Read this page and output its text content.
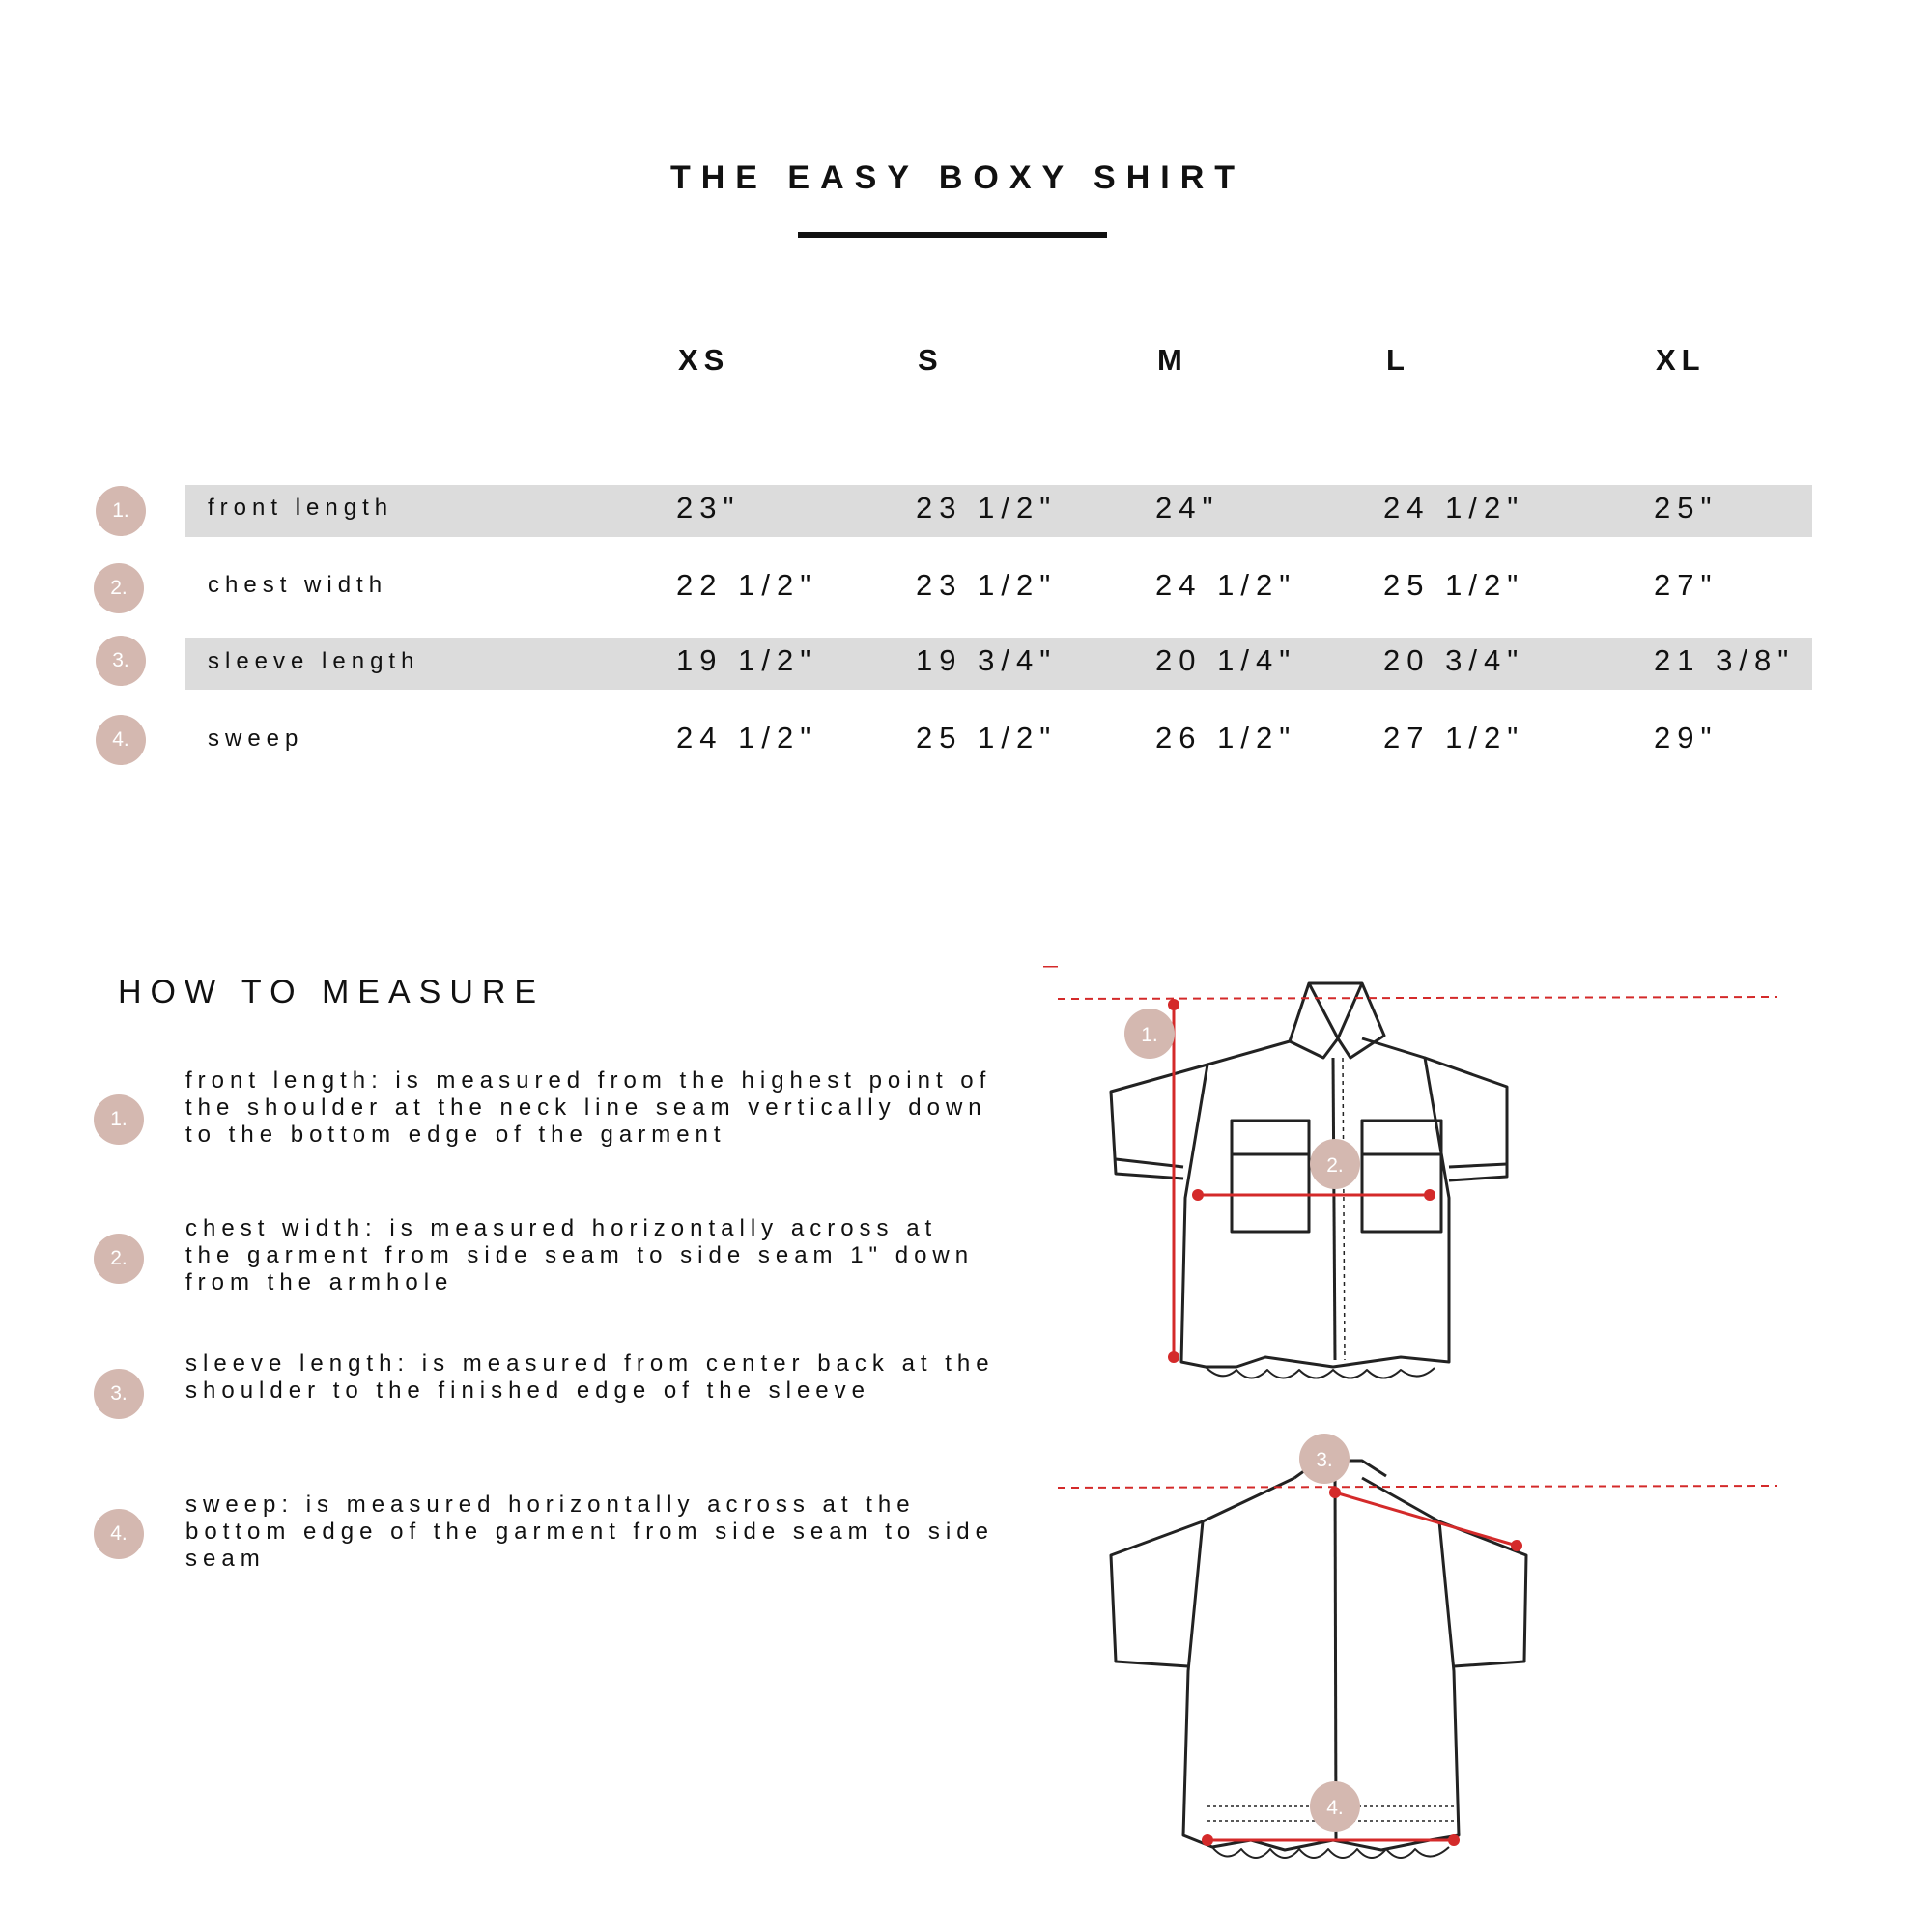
THE EASY BOXY SHIRT
XS	S	M	L	XL
1.	front length	23"	23 1/2"	24"	24 1/2"	25"
2.	chest width	22 1/2"	23 1/2"	24 1/2"	25 1/2"	27"
3.	sleeve length	19 1/2"	19 3/4"	20 1/4"	20 3/4"	21 3/8"
4.	sweep	24 1/2"	25 1/2"	26 1/2"	27 1/2"	29"
HOW TO MEASURE
1.
front length: is measured from the highest point of the shoulder at the neck line seam vertically down to the bottom edge of the garment
2.
chest width: is measured horizontally across at the garment from side seam to side seam 1" down from the armhole
3.
sleeve length: is measured from center back at the shoulder to the finished edge of the sleeve
4.
sweep: is measured horizontally across at the bottom edge of the garment from side seam to side seam
1.
2.
3.
4.
